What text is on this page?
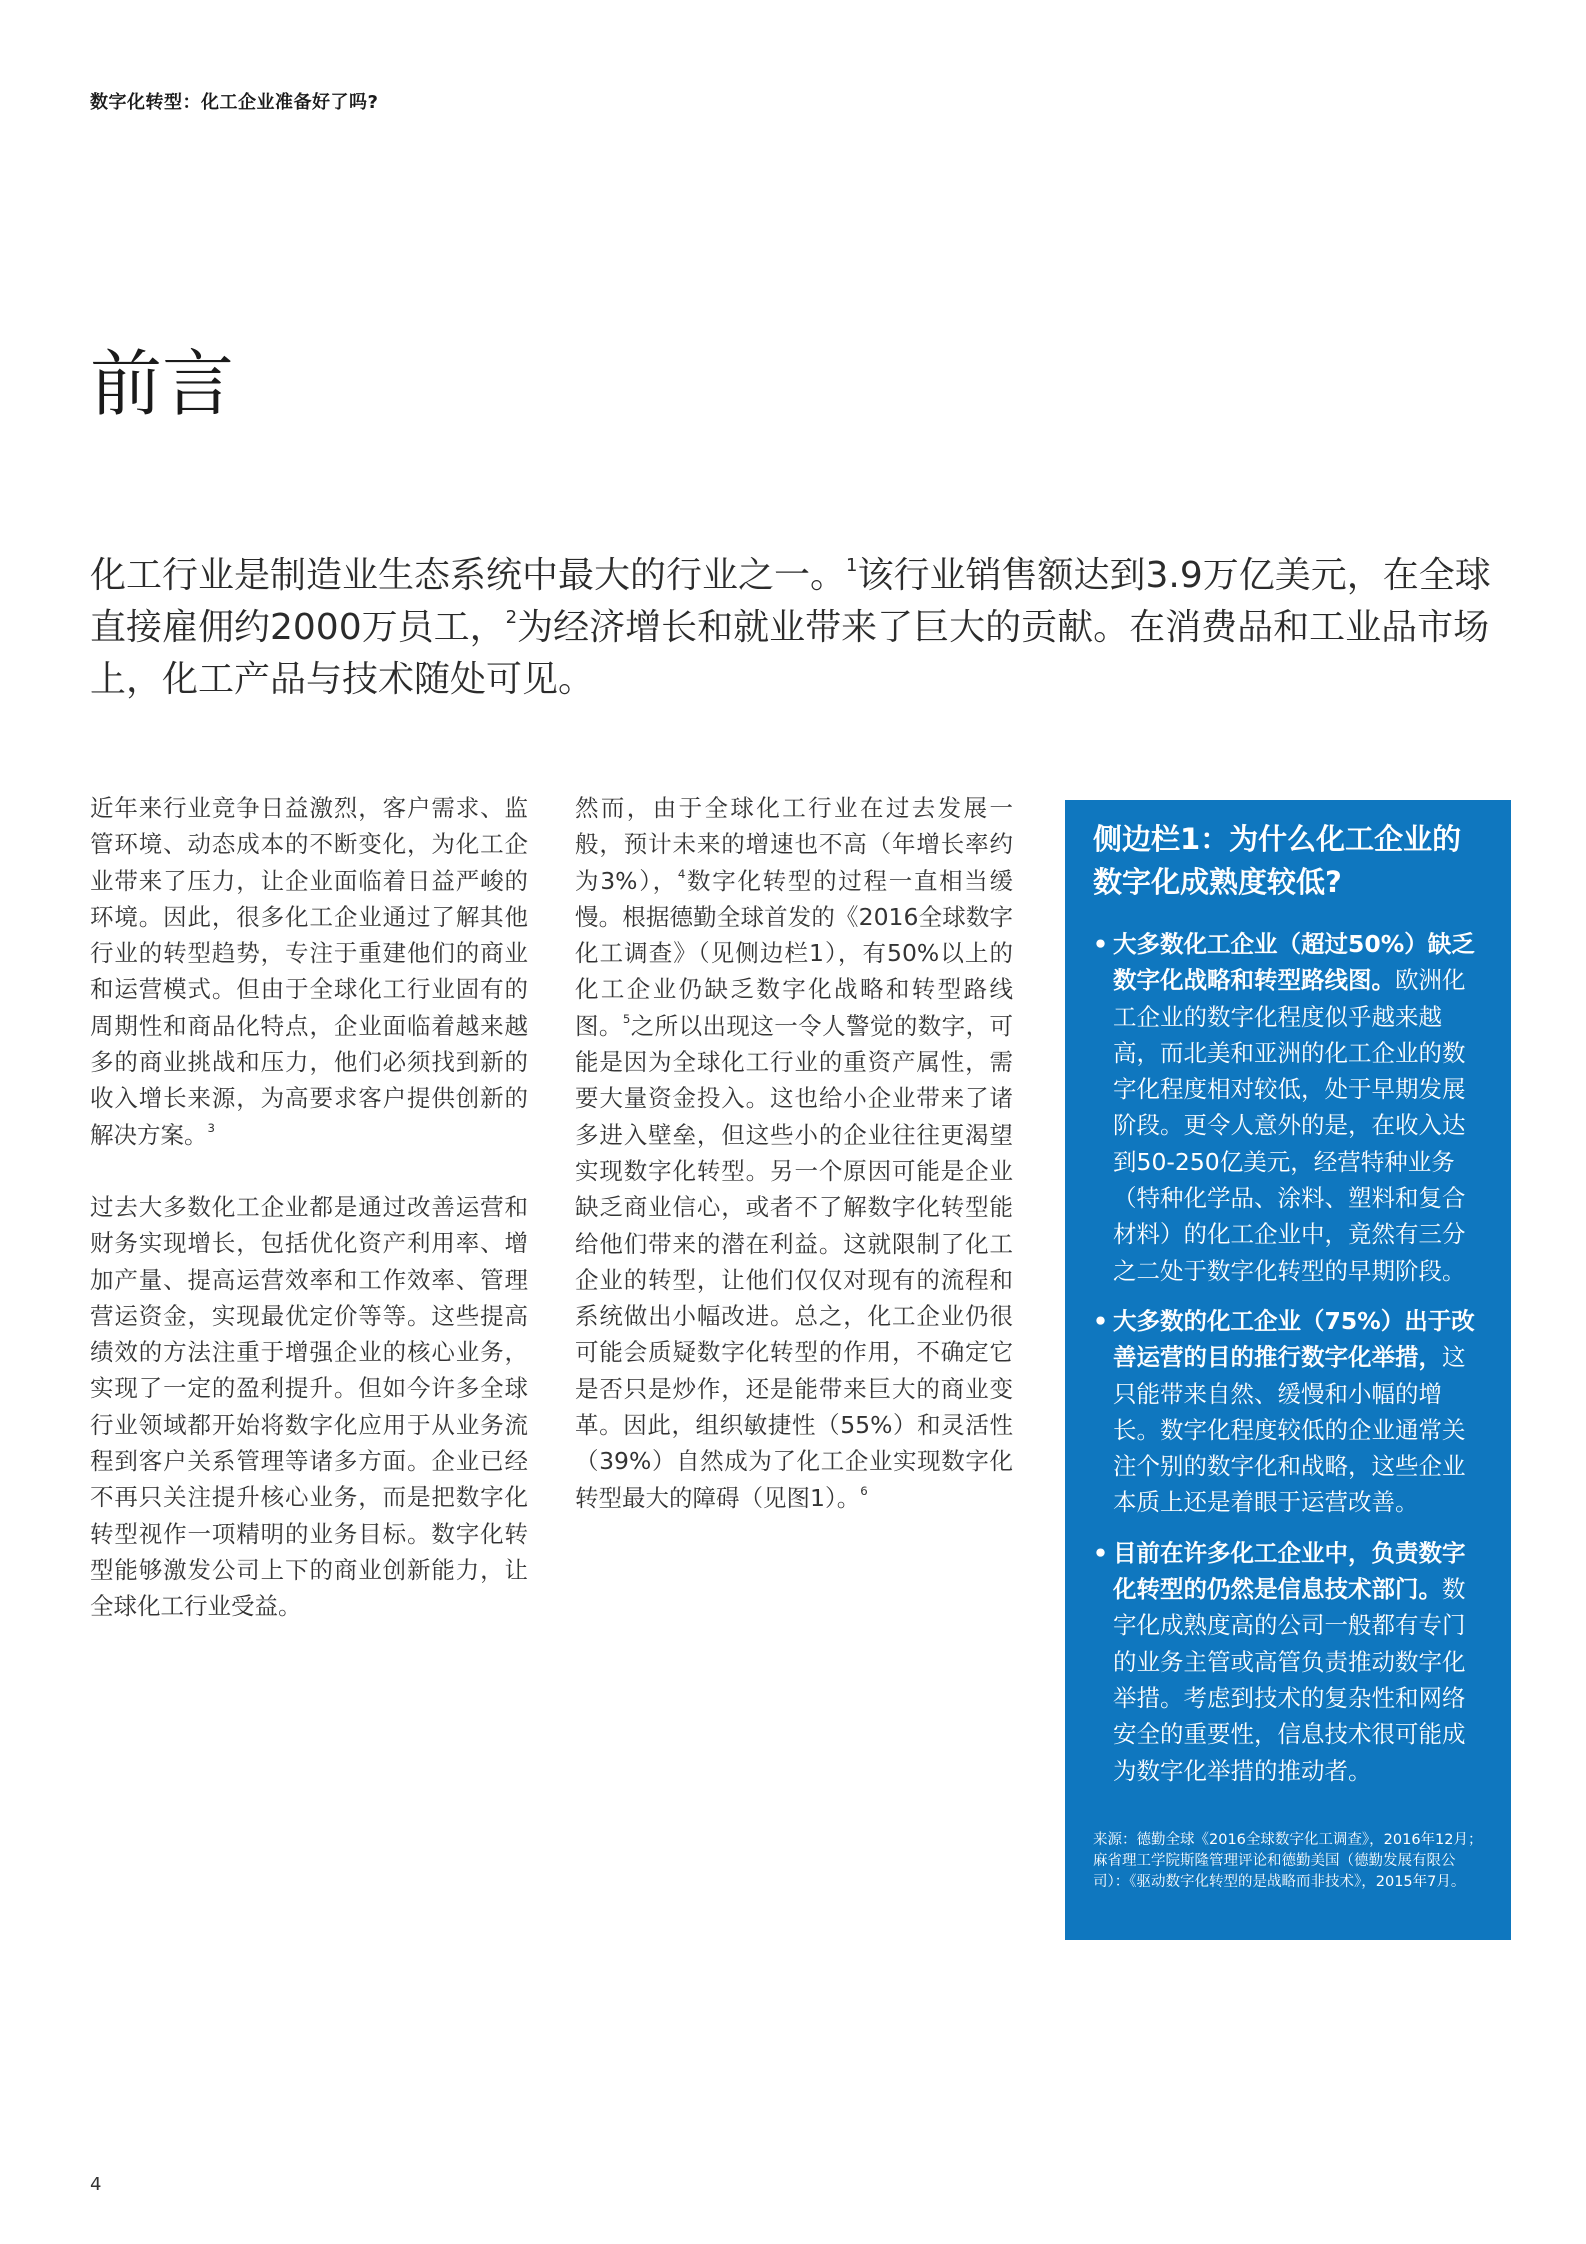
数字化转型：化工企业准备好了吗?
前言

化工行业是制造业生态系统中最大的行业之一。$^1$该行业销售额达到3.9万亿美元，在全球直接雇佣约2000万员工，$^2$为经济增长和就业带来了巨大的贡献。在消费品和工业品市场上，化工产品与技术随处可见。

近年来行业竞争日益激烈，客户需求、监管环境、动态成本的不断变化，为化工企业带来了压力，让企业面临着日益严峻的环境。因此，很多化工企业通过了解其他行业的转型趋势，专注于重建他们的商业和运营模式。但由于全球化工行业固有的周期性和商品化特点，企业面临着越来越多的商业挑战和压力，他们必须找到新的收入增长来源，为高要求客户提供创新的解决方案。$^3$

过去大多数化工企业都是通过改善运营和财务实现增长，包括优化资产利用率、增加产量、提高运营效率和工作效率、管理营运资金，实现最优定价等等。这些提高绩效的方法注重于增强企业的核心业务，实现了一定的盈利提升。但如今许多全球行业领域都开始将数字化应用于从业务流程到客户关系管理等诸多方面。企业已经不再只关注提升核心业务，而是把数字化转型视作一项精明的业务目标。数字化转型能够激发公司上下的商业创新能力，让全球化工行业受益。

然而，由于全球化工行业在过去发展一般，预计未来的增速也不高（年增长率约为3%），$^4$数字化转型的过程一直相当缓慢。根据德勤全球首发的《2016全球数字化工调查》（见侧边栏1），有50%以上的化工企业仍缺乏数字化战略和转型路线图。$^5$之所以出现这一令人警觉的数字，可能是因为全球化工行业的重资产属性，需要大量资金投入。这也给小企业带来了诸多进入壁垒，但这些小的企业往往更渴望实现数字化转型。另一个原因可能是企业缺乏商业信心，或者不了解数字化转型能给他们带来的潜在利益。这就限制了化工企业的转型，让他们仅仅对现有的流程和系统做出小幅改进。总之，化工企业仍很可能会质疑数字化转型的作用，不确定它是否只是炒作，还是能带来巨大的商业变革。因此，组织敏捷性（55%）和灵活性（39%）自然成为了化工企业实现数字化转型最大的障碍（见图1）。$^6$

侧边栏1：为什么化工企业的数字化成熟度较低?
• 大多数化工企业（超过50%）缺乏数字化战略和转型路线图。欧洲化工企业的数字化程度似乎越来越高，而北美和亚洲的化工企业的数字化程度相对较低，处于早期发展阶段。更令人意外的是，在收入达到50-250亿美元，经营特种业务（特种化学品、涂料、塑料和复合材料）的化工企业中，竟然有三分之二处于数字化转型的早期阶段。
• 大多数的化工企业（75%）出于改善运营的目的推行数字化举措，这只能带来自然、缓慢和小幅的增长。数字化程度较低的企业通常关注个别的数字化和战略，这些企业本质上还是着眼于运营改善。
• 目前在许多化工企业中，负责数字化转型的仍然是信息技术部门。数字化成熟度高的公司一般都有专门的业务主管或高管负责推动数字化举措。考虑到技术的复杂性和网络安全的重要性，信息技术很可能成为数字化举措的推动者。
来源：德勤全球《2016全球数字化工调查》，2016年12月；麻省理工学院斯隆管理评论和德勤美国（德勤发展有限公司）：《驱动数字化转型的是战略而非技术》，2015年7月。
4
